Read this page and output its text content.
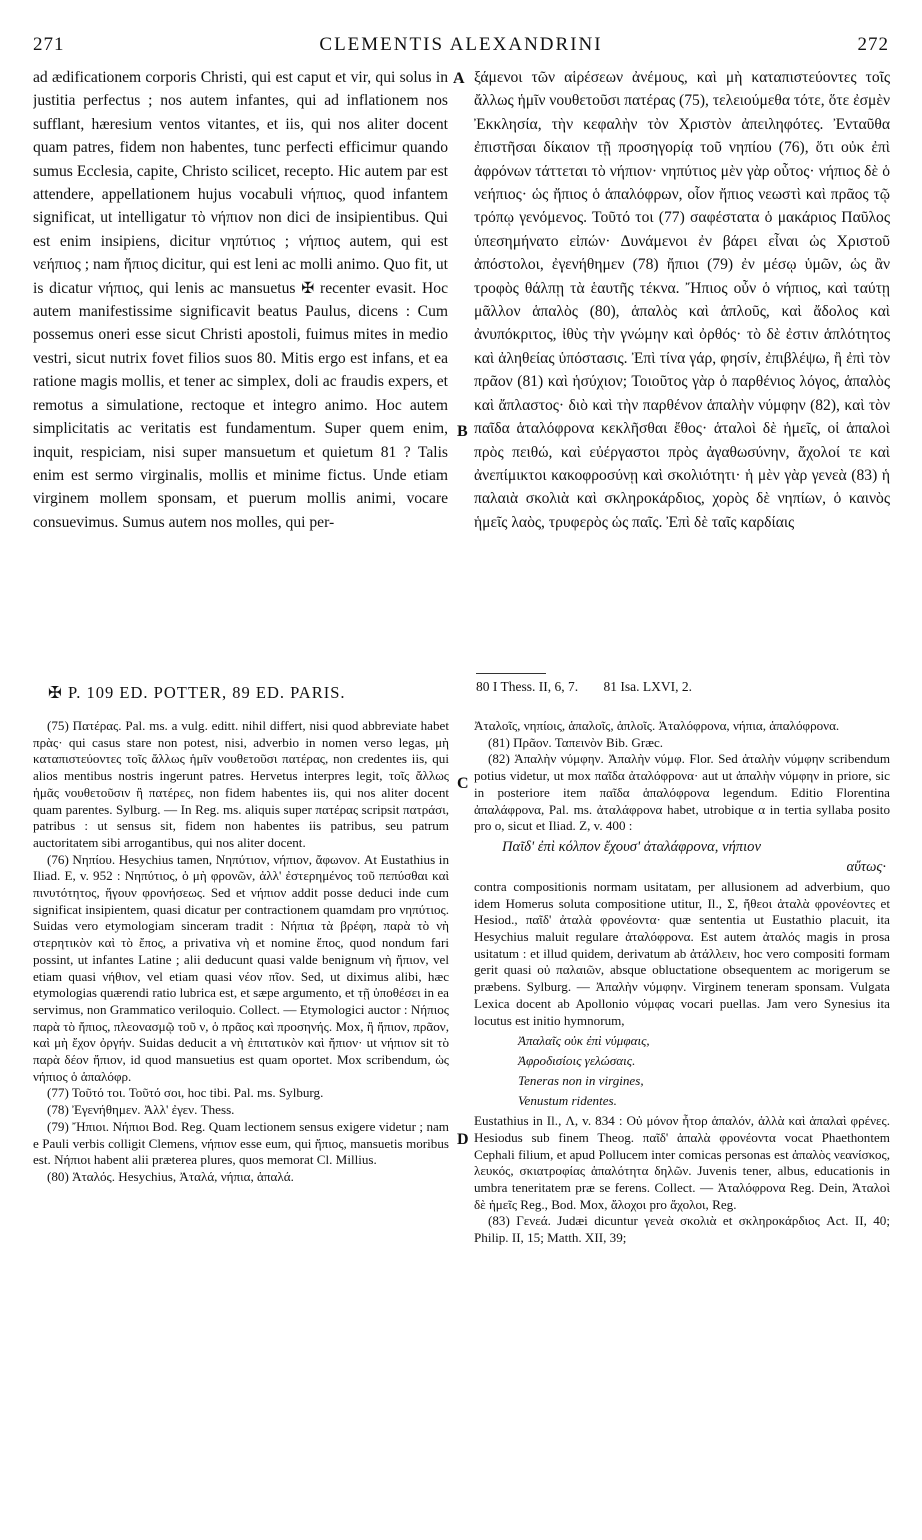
271	CLEMENTIS ALEXANDRINI	272

ad ædificationem corporis Christi, qui est caput et vir, qui solus in justitia perfectus ; nos autem infantes, qui ad inflationem nos sufflant, hæresium ventos vitantes, et iis, qui nos aliter docent quam patres, fidem non habentes, tunc perfecti efficimur quando sumus Ecclesia, capite, Christo scilicet, recepto. Hic autem par est attendere, appellationem hujus vocabuli νήπιος, quod infantem significat, ut intelligatur τὸ νήπιον non dici de insipientibus. Qui est enim insipiens, dicitur νηπύτιος ; νήπιος autem, qui est νεήπιος ; nam ἤπιος dicitur, qui est leni ac molli animo. Quo fit, ut is dicatur νήπιος, qui lenis ac mansuetus ✠ recenter evasit. Hoc autem manifestissime significavit beatus Paulus, dicens : Cum possemus oneri esse sicut Christi apostoli, fuimus mites in medio vestri, sicut nutrix fovet filios suos 80. Mitis ergo est infans, et ea ratione magis mollis, et tener ac simplex, doli ac fraudis expers, et remotus a simulatione, rectoque et integro animo. Hoc autem simplicitatis ac veritatis est fundamentum. Super quem enim, inquit, respiciam, nisi super mansuetum et quietum 81 ? Talis enim est sermo virginalis, mollis et minime fictus. Unde etiam virginem mollem sponsam, et puerum mollis animi, vocare consuevimus. Sumus autem nos molles, qui per-

ξάμενοι τῶν αἱρέσεων ἀνέμους, καὶ μὴ καταπιστεύοντες τοῖς ἄλλως ἡμῖν νουθετοῦσι πατέρας (75), τελειούμεθα τότε, ὅτε ἐσμὲν Ἐκκλησία, τὴν κεφαλὴν τὸν Χριστὸν ἀπειληφότες. Ἐνταῦθα ἐπιστῆσαι δίκαιον τῇ προσηγορίᾳ τοῦ νηπίου (76), ὅτι οὐκ ἐπὶ ἀφρόνων τάττεται τὸ νήπιον· νηπύτιος μὲν γὰρ οὗτος· νήπιος δὲ ὁ νεήπιος· ὡς ἤπιος ὁ ἁπαλόφρων, οἷον ἤπιος νεωστὶ καὶ πρᾶος τῷ τρόπῳ γενόμενος. Τοῦτό τοι (77) σαφέστατα ὁ μακάριος Παῦλος ὑπεσημήνατο εἰπών· Δυνάμενοι ἐν βάρει εἶναι ὡς Χριστοῦ ἀπόστολοι, ἐγενήθημεν (78) ἤπιοι (79) ἐν μέσῳ ὑμῶν, ὡς ἂν τροφὸς θάλπῃ τὰ ἑαυτῆς τέκνα. Ἤπιος οὖν ὁ νήπιος, καὶ ταύτῃ μᾶλλον ἁπαλὸς (80), ἁπαλὸς καὶ ἁπλοῦς, καὶ ἄδολος καὶ ἀνυπόκριτος, ἰθὺς τὴν γνώμην καὶ ὀρθός· τὸ δὲ ἐστιν ἁπλότητος καὶ ἀληθείας ὑπόστασις. Ἐπὶ τίνα γάρ, φησίν, ἐπιβλέψω, ἢ ἐπὶ τὸν πρᾶον (81) καὶ ἡσύχιον; Τοιοῦτος γὰρ ὁ παρθένιος λόγος, ἁπαλὸς καὶ ἄπλαστος· διὸ καὶ τὴν παρθένον ἁπαλὴν νύμφην (82), καὶ τὸν παῖδα ἁταλόφρονα κεκλῆσθαι ἔθος· ἁταλοὶ δὲ ἡμεῖς, οἱ ἁπαλοὶ πρὸς πειθώ, καὶ εὐέργαστοι πρὸς ἀγαθωσύνην, ἄχολοί τε καὶ ἀνεπίμικτοι κακοφροσύνῃ καὶ σκολιότητι· ἡ μὲν γὰρ γενεὰ (83) ἡ παλαιὰ σκολιὰ καὶ σκληροκάρδιος, χορὸς δὲ νηπίων, ὁ καινὸς ἡμεῖς λαὸς, τρυφερὸς ὡς παῖς. Ἐπὶ δὲ ταῖς καρδίαις

A
B
C
D
✠ P. 109 ED. POTTER, 89 ED. PARIS.	80 I Thess. II, 6, 7. 81 Isa. LXVI, 2.

(75) Πατέρας. Pal. ms. a vulg. editt. nihil differt, nisi quod abbreviate habet πρὰς· qui casus stare non potest, nisi, adverbio in nomen verso legas, μὴ καταπιστεύοντες τοῖς ἄλλως ἡμῖν νουθετοῦσι πατέρας, non credentes iis, qui alios mentibus nostris ingerunt patres. Hervetus interpres legit, τοῖς ἄλλως ἡμᾶς νουθετοῦσιν ἢ πατέρες, non fidem habentes iis, qui nos aliter docent quam parentes. Sylburg. — In Reg. ms. aliquis super πατέρας scripsit πατράσι, patribus : ut sensus sit, fidem non habentes iis patribus, seu patrum auctoritatem sibi arrogantibus, qui nos aliter docent.

(76) Νηπίου. Hesychius tamen, Νηπύτιον, νήπιον, ἄφωνον. At Eustathius in Iliad. E, v. 952 : Νηπύτιος, ὁ μὴ φρονῶν, ἀλλ' ἐστερημένος τοῦ πεπύσθαι καὶ πινυτότητος, ἥγουν φρονήσεως. Sed et νήπιον addit posse deduci inde cum significat insipientem, quasi dicatur per contractionem quamdam pro νηπύτιος. Suidas vero etymologiam sinceram tradit : Νήπια τὰ βρέφη, παρὰ τὸ νὴ στερητικὸν καὶ τὸ ἔπος, a privativa νὴ et nomine ἔπος, quod nondum fari possint, ut infantes Latine ; alii deducunt quasi valde benignum νὴ ἤπιον, vel etiam quasi νήθιον, vel etiam quasi νέον πῖον. Sed, ut diximus alibi, hæc etymologias quærendi ratio lubrica est, et sæpe argumento, et τῇ ὑποθέσει in ea servimus, non Grammatico veriloquio. Collect. — Etymologici auctor : Νήπιος παρὰ τὸ ἤπιος, πλεονασμῷ τοῦ ν, ὁ πρᾶος καὶ προσηνής. Mox, ἢ ἤπιον, πρᾶον, καὶ μὴ ἔχον ὀργήν. Suidas deducit a νὴ ἐπιτατικὸν καὶ ἤπιον· ut νήπιον sit τὸ παρὰ δέον ἤπιον, id quod mansuetius est quam oportet. Mox scribendum, ὡς νήπιος ὁ ἁπαλόφρ.

(77) Τοῦτό τοι. Τοῦτό σοι, hoc tibi. Pal. ms. Sylburg.

(78) Ἐγενήθημεν. Ἀλλ' ἐγεν. Thess.

(79) Ἤπιοι. Νήπιοι Bod. Reg. Quam lectionem sensus exigere videtur ; nam e Pauli verbis colligit Clemens, νήπιον esse eum, qui ἤπιος, mansuetis moribus est. Νήπιοι habent alii præterea plures, quos memorat Cl. Millius.

(80) Ἁταλός. Hesychius, Ἀταλά, νήπια, ἁπαλά.

Ἀταλοῖς, νηπίοις, ἁπαλοῖς, ἁπλοῖς. Ἀταλόφρονα, νήπια, ἁπαλόφρονα.

(81) Πρᾶον. Ταπεινὸν Bib. Græc.

(82) Ἁπαλὴν νύμφην. Ἀπαλὴν νύμφ. Flor. Sed ἀταλὴν νύμφην scribendum potius videtur, ut mox παῖδα ἀταλόφρονα· aut ut ἁπαλὴν νύμφην in priore, sic in posteriore item παῖδα ἁπαλόφρονα legendum. Editio Florentina ἀπαλάφρονα, Pal. ms. ἀταλάφρονα habet, utrobique α in tertia syllaba posito pro ο, sicut et Iliad. Z, v. 400 :

Παῖδ' ἐπὶ κόλπον ἔχουσ' ἀταλάφρονα, νήπιον
αὔτως·

contra compositionis normam usitatam, per allusionem ad adverbium, quo idem Homerus soluta compositione utitur, Il., Σ, ἤθεοι ἀταλὰ φρονέοντες et Hesiod., παῖδ' ἀταλὰ φρονέοντα· quæ sententia ut Eustathio placuit, ita Hesychius maluit regulare ἀταλόφρονα. Est autem ἀταλός magis in prosa usitatum : et illud quidem, derivatum ab ἀτάλλειν, hoc vero compositi formam gerit quasi οὐ παλαιῶν, absque obluctatione obsequentem ac morigerum se præbens. Sylburg. — Ἀπαλὴν νύμφην. Virginem teneram sponsam. Vulgata Lexica docent ab Apollonio νύμφας vocari puellas. Jam vero Synesius ita locutus est initio hymnorum,

Ἀπαλαῖς οὐκ ἐπὶ νύμφαις,
Ἀφροδισίοις γελώσαις.
Teneras non in virgines,
Venustum ridentes.

Eustathius in Il., Λ, v. 834 : Οὐ μόνον ἦτορ ἁπαλόν, ἀλλὰ καὶ ἁπαλαὶ φρένες. Hesiodus sub finem Theog. παῖδ' ἁπαλὰ φρονέοντα vocat Phaethontem Cephali filium, et apud Pollucem inter comicas personas est ἁπαλὸς νεανίσκος, λευκός, σκιατροφίας ἁπαλότητα δηλῶν. Juvenis tener, albus, educationis in umbra teneritatem præ se ferens. Collect. — Ἀταλόφρονα Reg. Dein, Ἀταλοὶ δὲ ἡμεῖς Reg., Bod. Mox, ἄλοχοι pro ἄχολοι, Reg.

(83) Γενεά. Judæi dicuntur γενεὰ σκολιὰ et σκληροκάρδιος Act. II, 40; Philip. II, 15; Matth. XII, 39;
